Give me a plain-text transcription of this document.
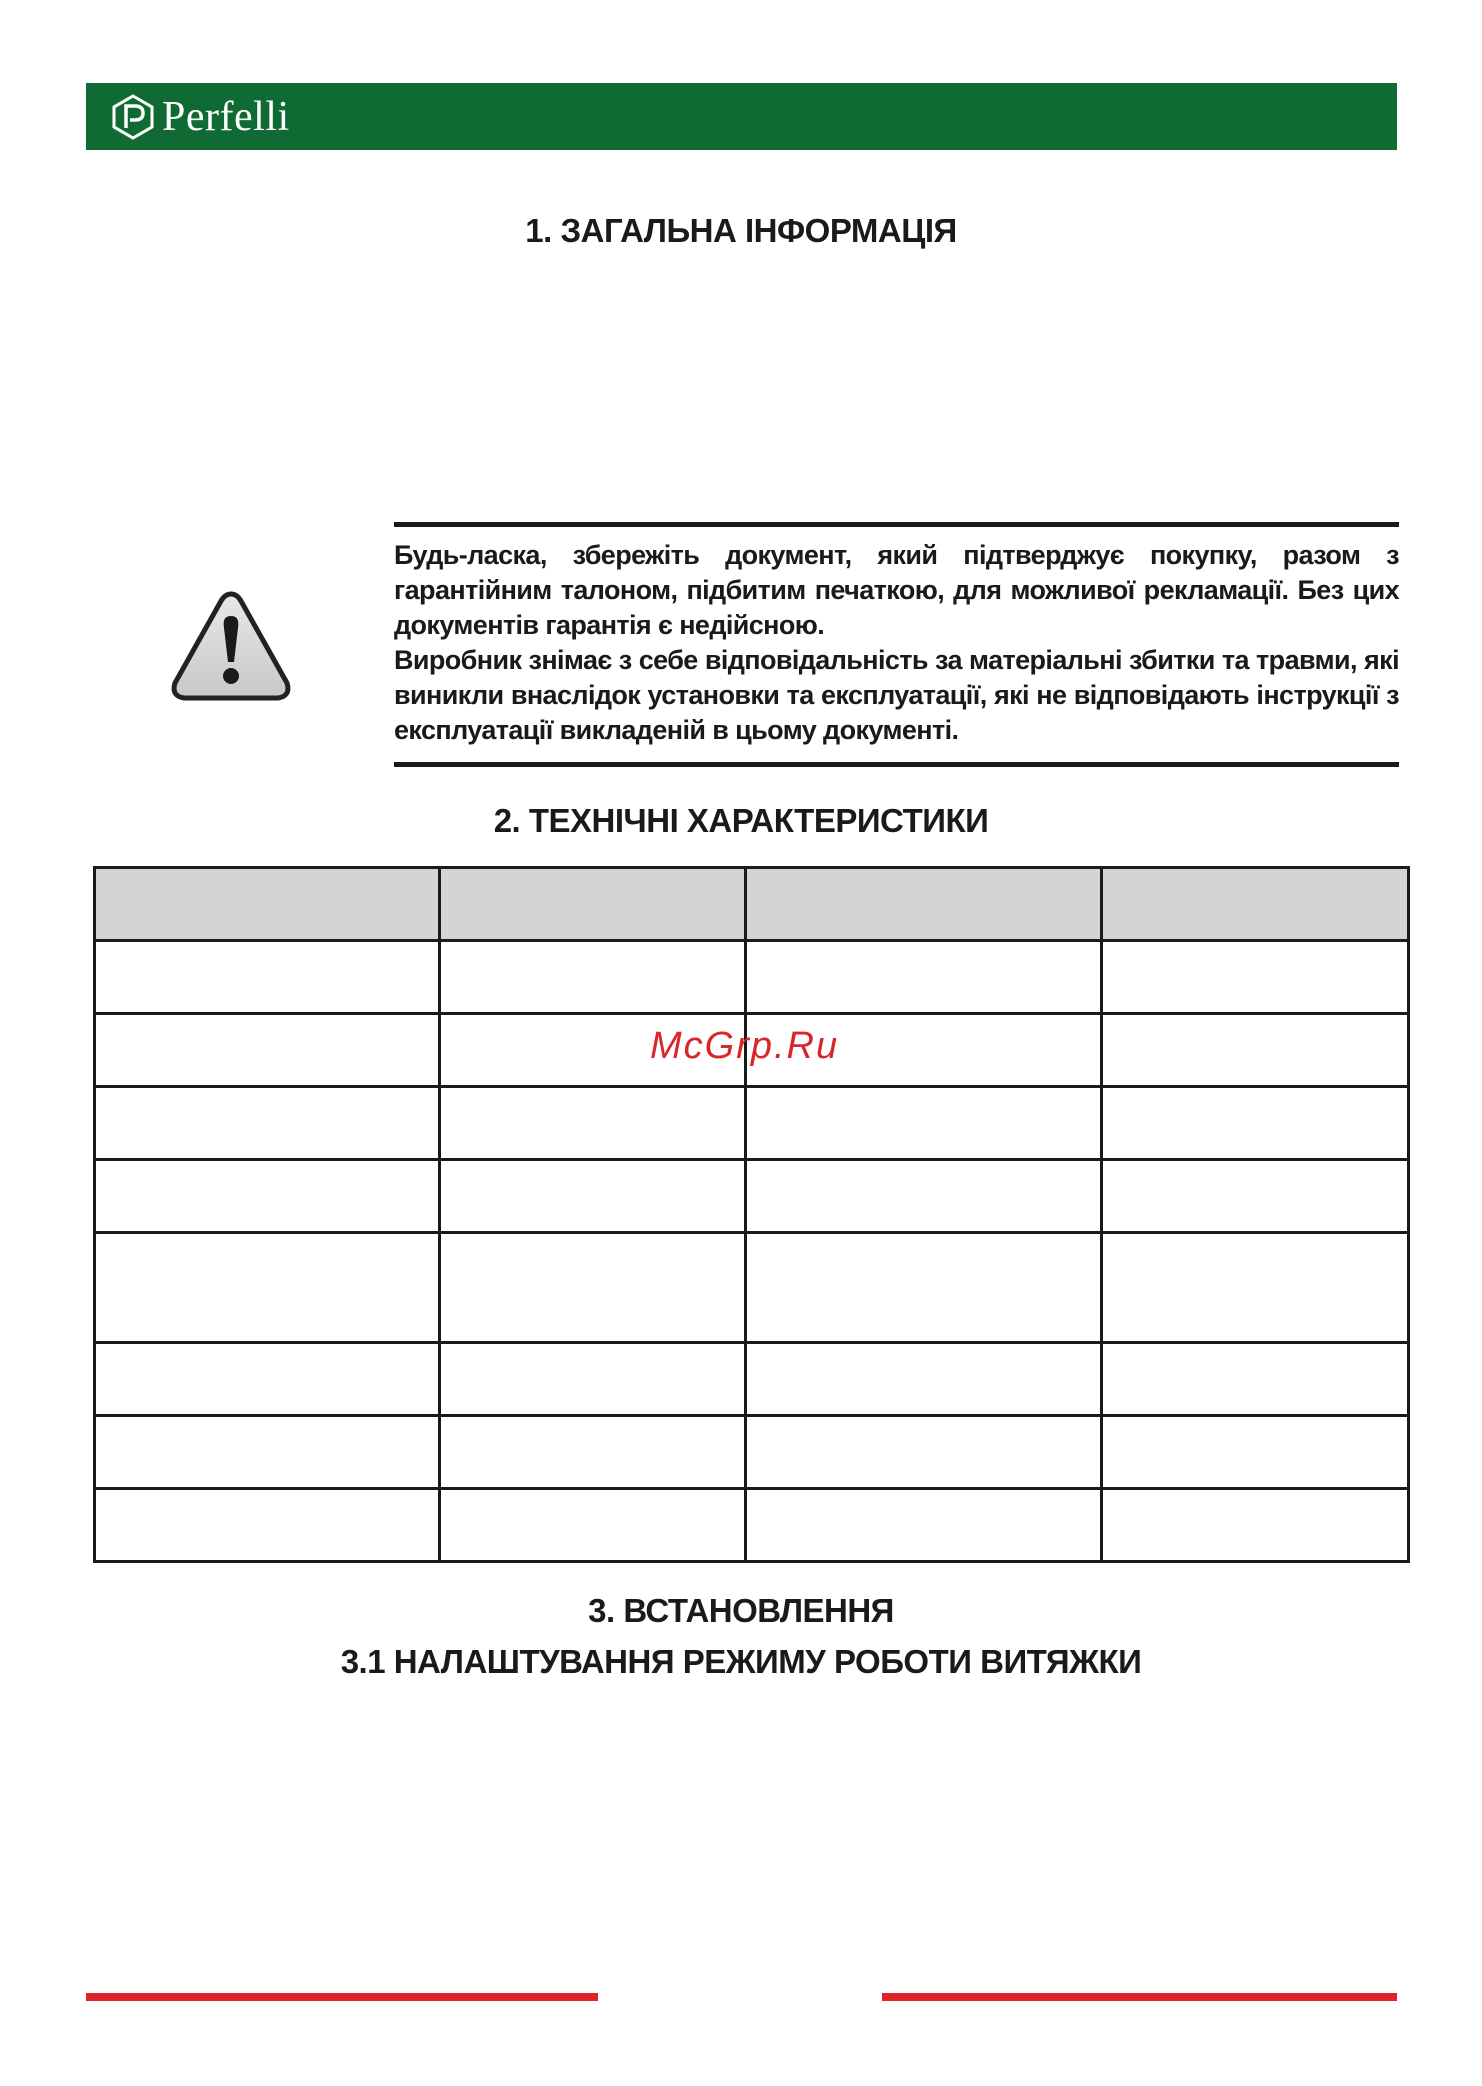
Perfelli
1. ЗАГАЛЬНА ІНФОРМАЦІЯ

Будь-ласка, збережіть документ, який підтверджує покупку, разом з гарантійним талоном, підбитим печаткою, для можливої рекламації. Без цих документів гарантія є недійсною.

Виробник знімає з себе відповідальність за матеріальні збитки та травми, які виникли внаслідок установки та експлуатації, які не відповідають інструкції з експлуатації викладеній в цьому документі.

2. ТЕХНІЧНІ ХАРАКТЕРИСТИКИ

McGrp.Ru
3. ВСТАНОВЛЕННЯ
3.1 НАЛАШТУВАННЯ РЕЖИМУ РОБОТИ ВИТЯЖКИ
